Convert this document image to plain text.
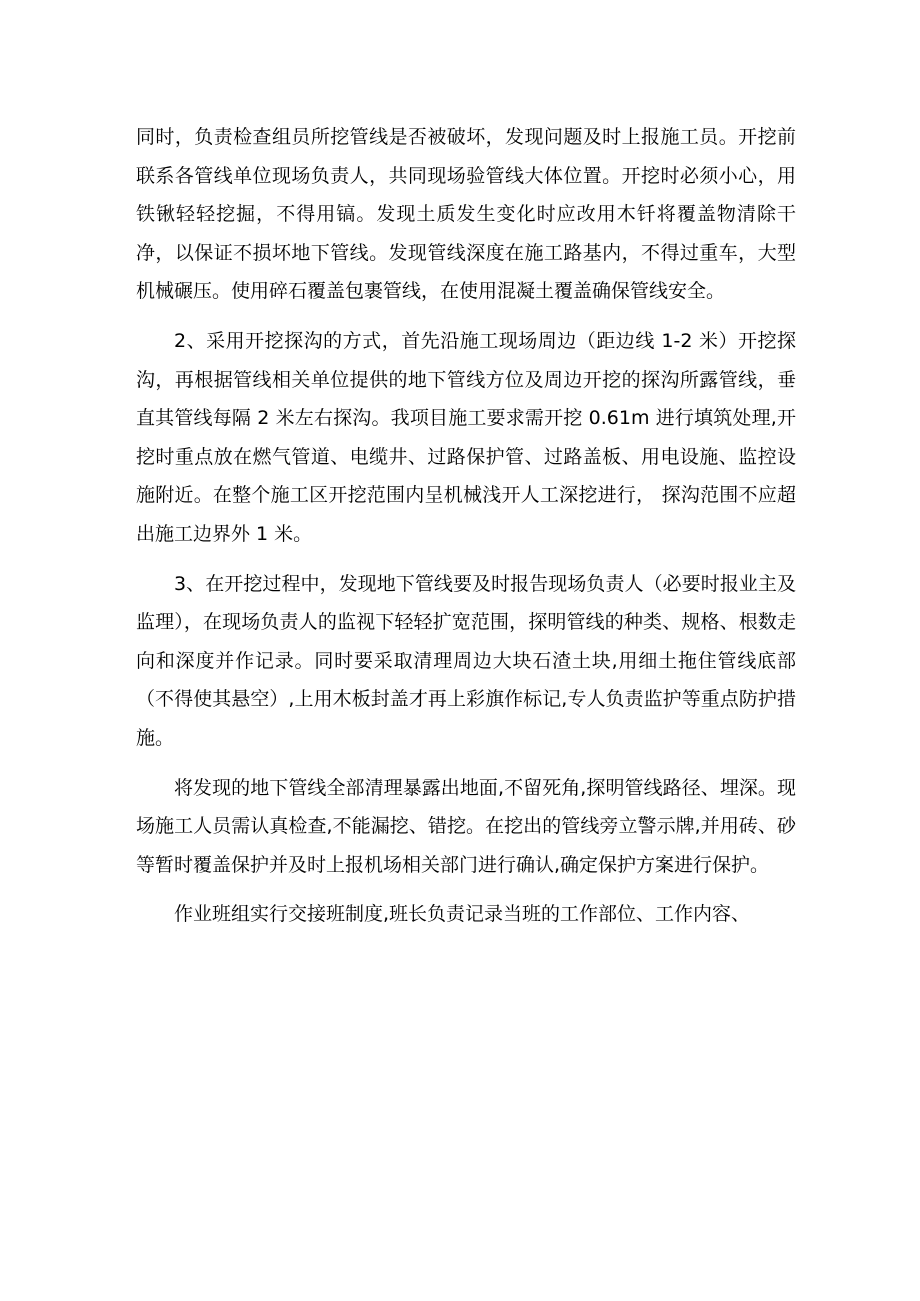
同时，负责检查组员所挖管线是否被破坏，发现问题及时上报施工员。开挖前联系各管线单位现场负责人，共同现场验管线大体位置。开挖时必须小心，用铁锹轻轻挖掘，不得用镐。发现土质发生变化时应改用木钎将覆盖物清除干净，以保证不损坏地下管线。发现管线深度在施工路基内，不得过重车，大型机械碾压。使用碎石覆盖包裹管线，在使用混凝土覆盖确保管线安全。

2、采用开挖探沟的方式，首先沿施工现场周边（距边线 1-2 米）开挖探沟，再根据管线相关单位提供的地下管线方位及周边开挖的探沟所露管线，垂直其管线每隔 2 米左右探沟。我项目施工要求需开挖 0.61m 进行填筑处理,开挖时重点放在燃气管道、电缆井、过路保护管、过路盖板、用电设施、监控设施附近。在整个施工区开挖范围内呈机械浅开人工深挖进行， 探沟范围不应超出施工边界外 1 米。

3、在开挖过程中，发现地下管线要及时报告现场负责人（必要时报业主及监理），在现场负责人的监视下轻轻扩宽范围，探明管线的种类、规格、根数走向和深度并作记录。同时要采取清理周边大块石渣土块,用细土拖住管线底部（不得使其悬空）,上用木板封盖才再上彩旗作标记,专人负责监护等重点防护措施。

将发现的地下管线全部清理暴露出地面,不留死角,探明管线路径、埋深。现场施工人员需认真检查,不能漏挖、错挖。在挖出的管线旁立警示牌,并用砖、砂等暂时覆盖保护并及时上报机场相关部门进行确认,确定保护方案进行保护。

作业班组实行交接班制度,班长负责记录当班的工作部位、工作内容、
